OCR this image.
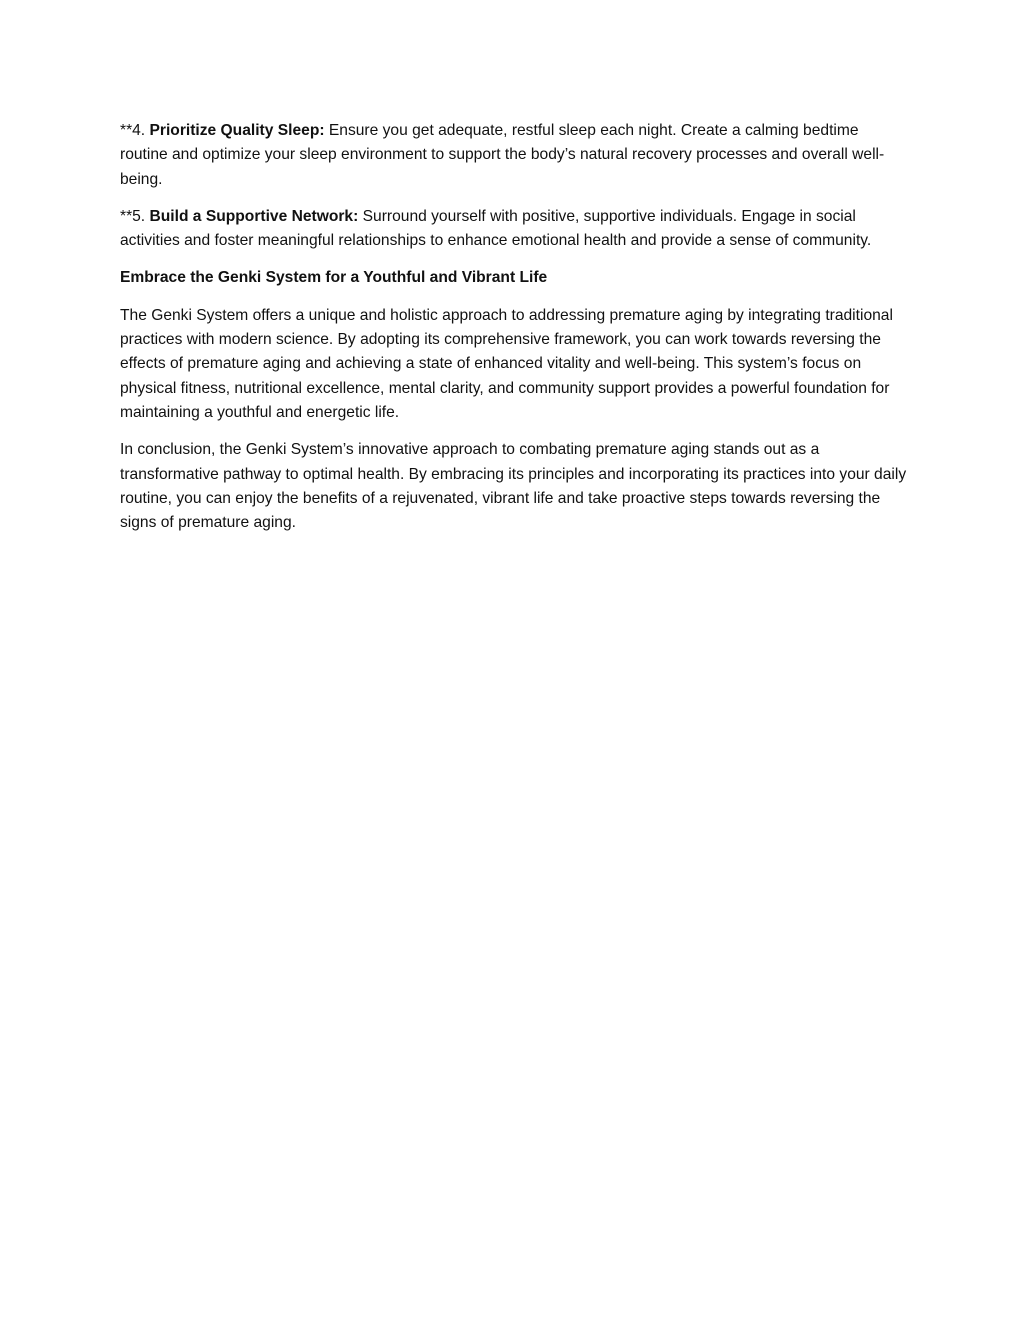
**4. Prioritize Quality Sleep: Ensure you get adequate, restful sleep each night. Create a calming bedtime routine and optimize your sleep environment to support the body’s natural recovery processes and overall well-being.

**5. Build a Supportive Network: Surround yourself with positive, supportive individuals. Engage in social activities and foster meaningful relationships to enhance emotional health and provide a sense of community.

Embrace the Genki System for a Youthful and Vibrant Life

The Genki System offers a unique and holistic approach to addressing premature aging by integrating traditional practices with modern science. By adopting its comprehensive framework, you can work towards reversing the effects of premature aging and achieving a state of enhanced vitality and well-being. This system’s focus on physical fitness, nutritional excellence, mental clarity, and community support provides a powerful foundation for maintaining a youthful and energetic life.

In conclusion, the Genki System’s innovative approach to combating premature aging stands out as a transformative pathway to optimal health. By embracing its principles and incorporating its practices into your daily routine, you can enjoy the benefits of a rejuvenated, vibrant life and take proactive steps towards reversing the signs of premature aging.
